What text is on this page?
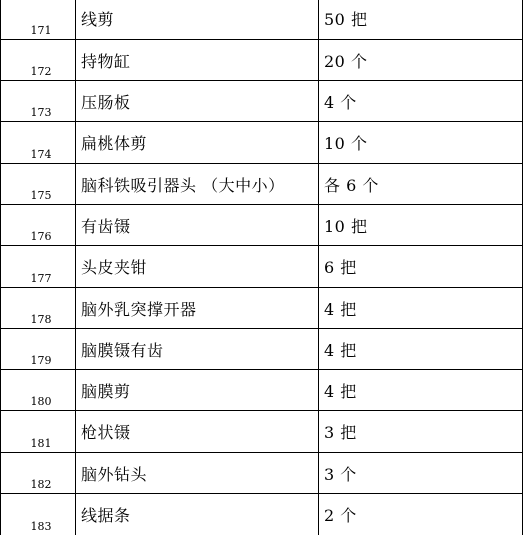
171	线剪	50 把
172	持物缸	20 个
173	压肠板	4 个
174	扁桃体剪	10 个
175	脑科铁吸引器头 （大中小）	各 6 个
176	有齿镊	10 把
177	头皮夹钳	6 把
178	脑外乳突撑开器	4 把
179	脑膜镊有齿	4 把
180	脑膜剪	4 把
181	枪状镊	3 把
182	脑外钻头	3 个
183	线据条	2 个
